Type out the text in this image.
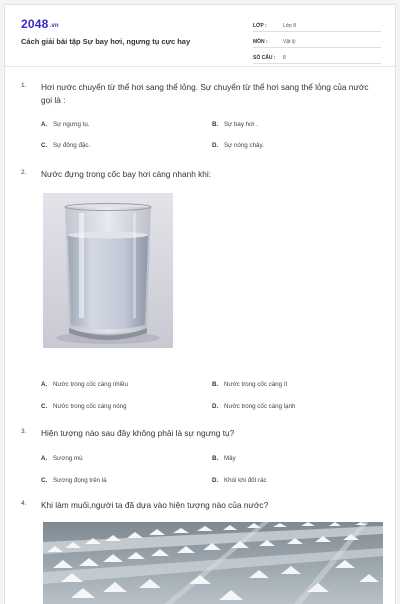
2048.vn
Cách giải bài tập Sự bay hơi, ngưng tụ cực hay
LỚP :	Lớp 8
MÔN :	Vật lý
SỐ CÂU :	8
1. Hơi nước chuyển từ thể hơi sang thể lỏng. Sự chuyển từ thể hơi sang thể lỏng của nước gọi là :
A. Sự ngưng tụ.	B. Sự bay hơi .
C. Sự đông đặc.	D. Sự nóng chảy.
2. Nước đựng trong cốc bay hơi càng nhanh khi:
A. Nước trong cốc càng nhiều	B. Nước trong cốc càng ít
C. Nước trong cốc càng nóng	D. Nước trong cốc càng lạnh
3. Hiện tượng nào sau đây không phải là sự ngưng tụ?
A. Sương mù	B. Mây
C. Sương đọng trên lá	D. Khói khi đốt rác
4. Khi làm muối,người ta đã dựa vào hiện tượng nào của nước?
